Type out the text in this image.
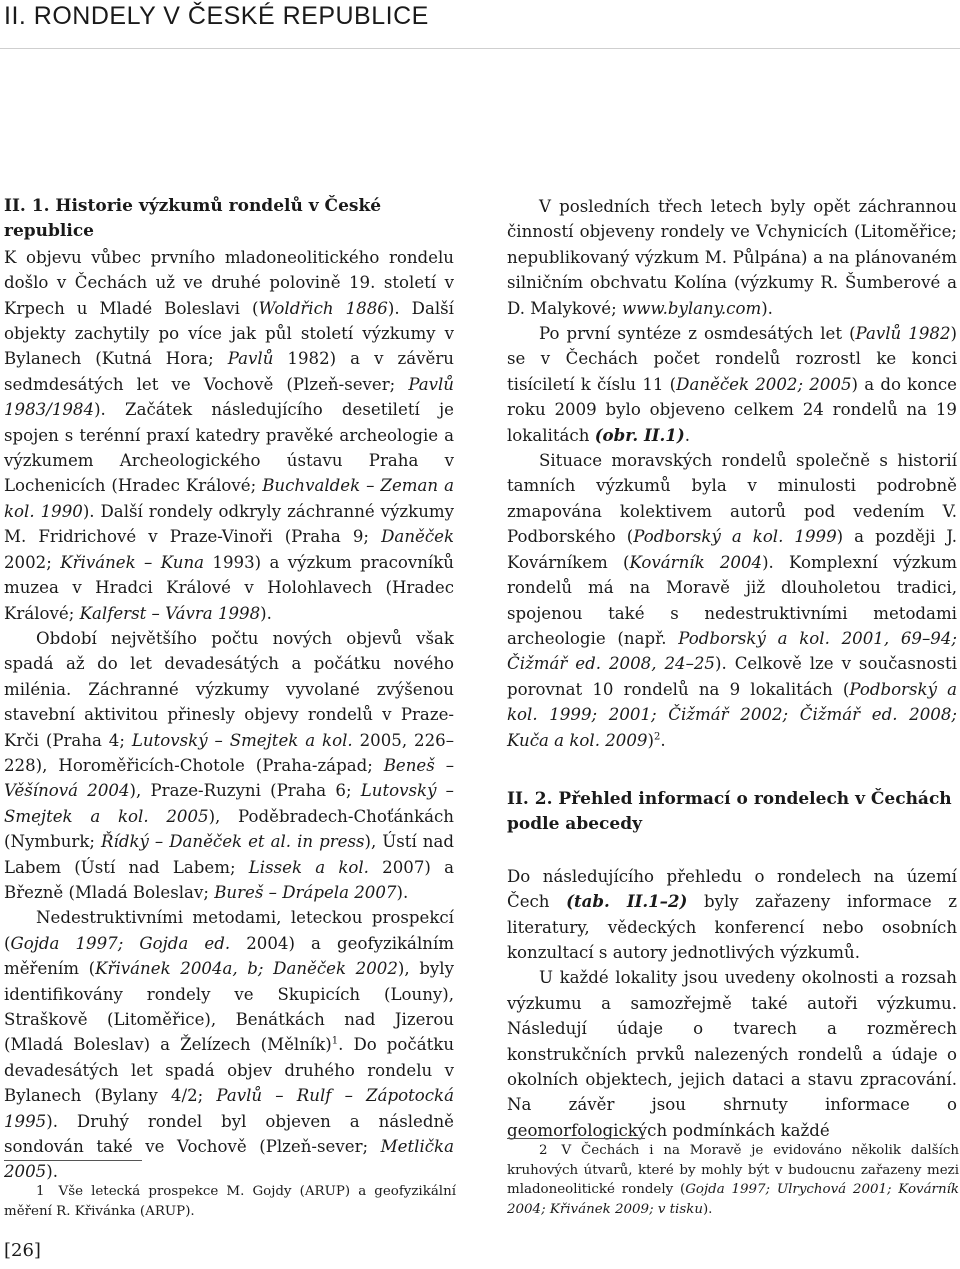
II. RONDELY V ČESKÉ REPUBLICE

II. 1. Historie výzkumů rondelů v České republice

K objevu vůbec prvního mladoneolitického rondelu došlo v Čechách už ve druhé polovině 19. století v Krpech u Mladé Boleslavi (Woldřich 1886). Další objekty zachytily po více jak půl století výzkumy v Bylanech (Kutná Hora; Pavlů 1982) a v závěru sedmdesátých let ve Vochově (Plzeň-sever; Pavlů 1983/1984). Začátek následujícího desetiletí je spojen s terénní praxí katedry pravěké archeologie a výzkumem Archeologického ústavu Praha v Lochenicích (Hradec Králové; Buchvaldek – Zeman a kol. 1990). Další rondely odkryly záchranné výzkumy M. Fridrichové v Praze-Vinoři (Praha 9; Daněček 2002; Křivánek – Kuna 1993) a výzkum pracovníků muzea v Hradci Králové v Holohlavech (Hradec Králové; Kalferst – Vávra 1998).

Období největšího počtu nových objevů však spadá až do let devadesátých a počátku nového milénia. Záchranné výzkumy vyvolané zvýšenou stavební aktivitou přinesly objevy rondelů v Praze-Krči (Praha 4; Lutovský – Smejtek a kol. 2005, 226–228), Horoměřicích-Chotole (Praha-západ; Beneš – Věšínová 2004), Praze-Ruzyni (Praha 6; Lutovský – Smejtek a kol. 2005), Poděbradech-Choťánkách (Nymburk; Řídký – Daněček et al. in press), Ústí nad Labem (Ústí nad Labem; Lissek a kol. 2007) a Březně (Mladá Boleslav; Bureš – Drápela 2007).

Nedestruktivními metodami, leteckou prospekcí (Gojda 1997; Gojda ed. 2004) a geofyzikálním měřením (Křivánek 2004a, b; Daněček 2002), byly identifikovány rondely ve Skupicích (Louny), Straškově (Litoměřice), Benátkách nad Jizerou (Mladá Boleslav) a Želízech (Mělník)$^1$. Do počátku devadesátých let spadá objev druhého rondelu v Bylanech (Bylany 4/2; Pavlů – Rulf – Zápotocká 1995). Druhý rondel byl objeven a následně sondován také ve Vochově (Plzeň-sever; Metlička 2005).

1 Vše letecká prospekce M. Gojdy (ARUP) a geofyzikální měření R. Křivánka (ARUP).

V posledních třech letech byly opět záchrannou činností objeveny rondely ve Vchynicích (Litoměřice; nepublikovaný výzkum M. Půlpána) a na plánovaném silničním obchvatu Kolína (výzkumy R. Šumberové a D. Malykové; www.bylany.com).

Po první syntéze z osmdesátých let (Pavlů 1982) se v Čechách počet rondelů rozrostl ke konci tisíciletí k číslu 11 (Daněček 2002; 2005) a do konce roku 2009 bylo objeveno celkem 24 rondelů na 19 lokalitách (obr. II.1).

Situace moravských rondelů společně s historií tamních výzkumů byla v minulosti podrobně zmapována kolektivem autorů pod vedením V. Podborského (Podborský a kol. 1999) a později J. Kovárníkem (Kovárník 2004). Komplexní výzkum rondelů má na Moravě již dlouholetou tradici, spojenou také s nedestruktivními metodami archeologie (např. Podborský a kol. 2001, 69–94; Čižmář ed. 2008, 24–25). Celkově lze v současnosti porovnat 10 rondelů na 9 lokalitách (Podborský a kol. 1999; 2001; Čižmář 2002; Čižmář ed. 2008; Kuča a kol. 2009)$^2$.

II. 2. Přehled informací o rondelech v Čechách podle abecedy

Do následujícího přehledu o rondelech na území Čech (tab. II.1–2) byly zařazeny informace z literatury, vědeckých konferencí nebo osobních konzultací s autory jednotlivých výzkumů.

U každé lokality jsou uvedeny okolnosti a rozsah výzkumu a samozřejmě také autoři výzkumu. Následují údaje o tvarech a rozměrech konstrukčních prvků nalezených rondelů a údaje o okolních objektech, jejich dataci a stavu zpracování. Na závěr jsou shrnuty informace o geomorfologických podmínkách každé

2 V Čechách i na Moravě je evidováno několik dalších kruhových útvarů, které by mohly být v budoucnu zařazeny mezi mladoneolitické rondely (Gojda 1997; Ulrychová 2001; Kovárník 2004; Křivánek 2009; v tisku).
[26]
